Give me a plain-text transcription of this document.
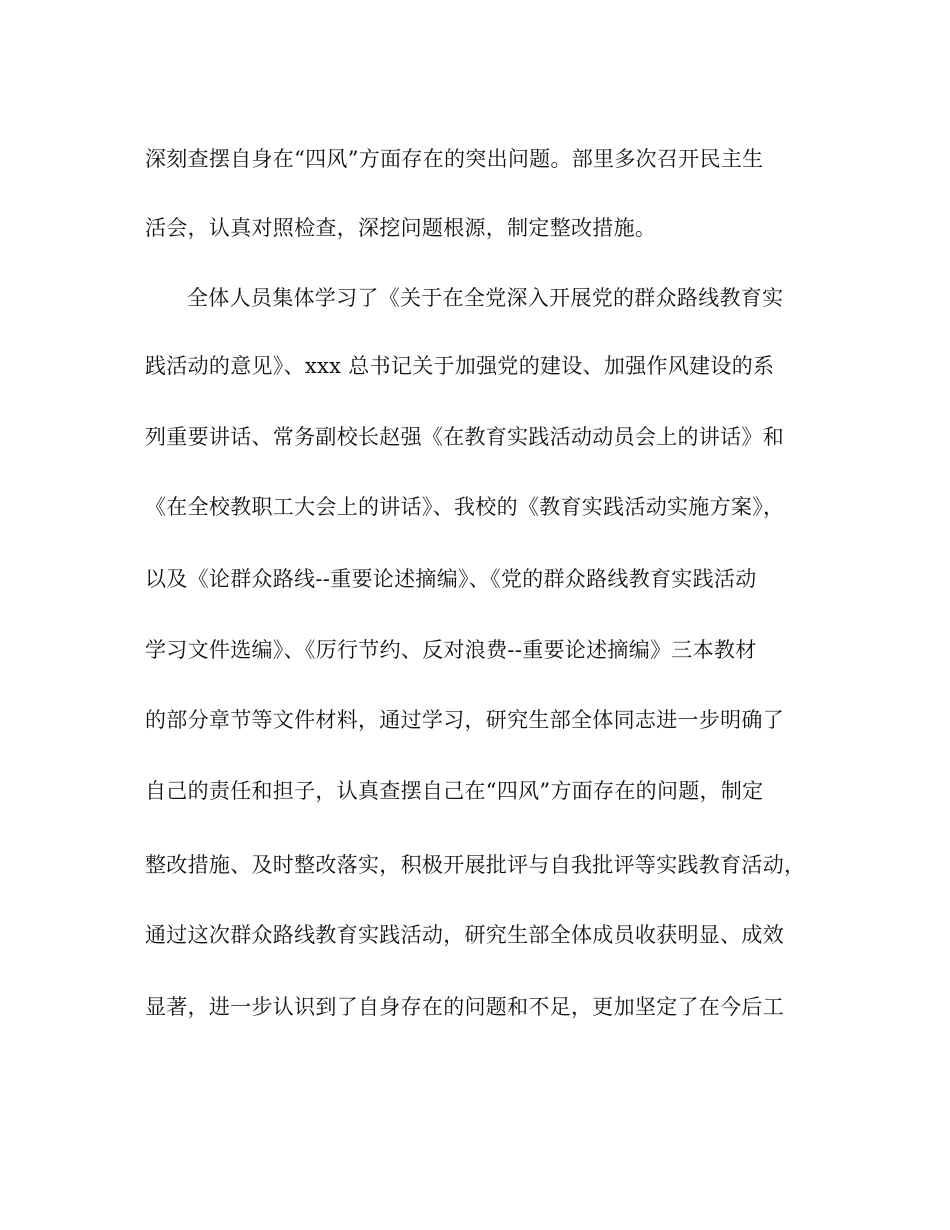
深刻查摆自身在“四风”方面存在的突出问题。部里多次召开民主生
活会，认真对照检查，深挖问题根源，制定整改措施。
全体人员集体学习了《关于在全党深入开展党的群众路线教育实
践活动的意见》、xxx 总书记关于加强党的建设、加强作风建设的系
列重要讲话、常务副校长赵强《在教育实践活动动员会上的讲话》和
《在全校教职工大会上的讲话》、我校的《教育实践活动实施方案》，
以及《论群众路线--重要论述摘编》、《党的群众路线教育实践活动
学习文件选编》、《厉行节约、反对浪费--重要论述摘编》三本教材
的部分章节等文件材料，通过学习，研究生部全体同志进一步明确了
自己的责任和担子，认真查摆自己在“四风”方面存在的问题，制定
整改措施、及时整改落实，积极开展批评与自我批评等实践教育活动，
通过这次群众路线教育实践活动，研究生部全体成员收获明显、成效
显著，进一步认识到了自身存在的问题和不足，更加坚定了在今后工
